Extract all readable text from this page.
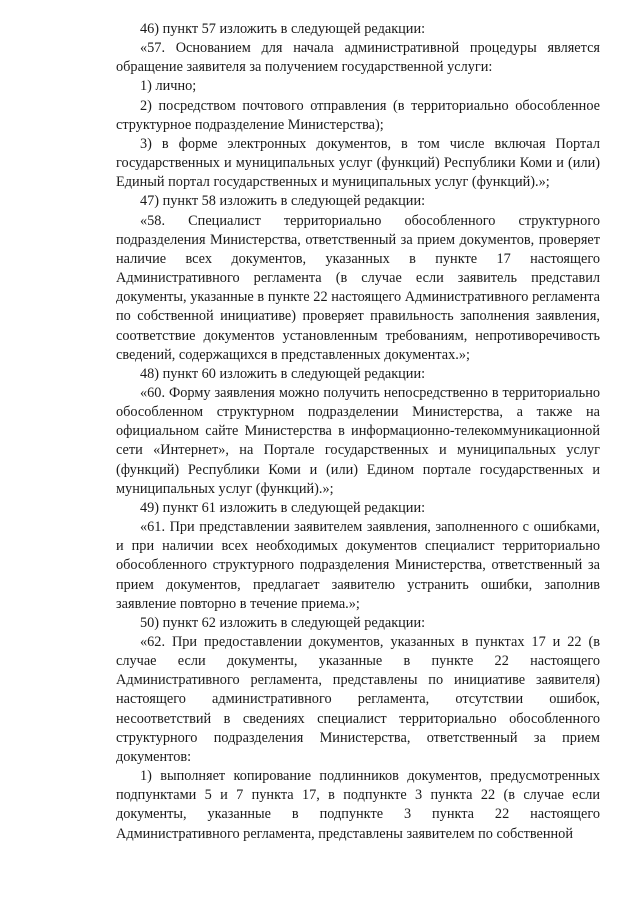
46) пункт 57 изложить в следующей редакции:

«57. Основанием для начала административной процедуры является обращение заявителя за получением государственной услуги:

1) лично;

2) посредством почтового отправления (в территориально обособленное структурное подразделение Министерства);

3) в форме электронных документов, в том числе включая Портал государственных и муниципальных услуг (функций) Республики Коми и (или) Единый портал государственных и муниципальных услуг (функций).»;

47) пункт 58 изложить в следующей редакции:

«58. Специалист территориально обособленного структурного подразделения Министерства, ответственный за прием документов, проверяет наличие всех документов, указанных в пункте 17 настоящего Административного регламента (в случае если заявитель представил документы, указанные в пункте 22 настоящего Административного регламента по собственной инициативе) проверяет правильность заполнения заявления, соответствие документов установленным требованиям, непротиворечивость сведений, содержащихся в представленных документах.»;

48) пункт 60 изложить в следующей редакции:

«60. Форму заявления можно получить непосредственно в территориально обособленном структурном подразделении Министерства, а также на официальном сайте Министерства в информационно-телекоммуникационной сети «Интернет», на Портале государственных и муниципальных услуг (функций) Республики Коми и (или) Едином портале государственных и муниципальных услуг (функций).»;

49) пункт 61 изложить в следующей редакции:

«61. При представлении заявителем заявления, заполненного с ошибками, и при наличии всех необходимых документов специалист территориально обособленного структурного подразделения Министерства, ответственный за прием документов, предлагает заявителю устранить ошибки, заполнив заявление повторно в течение приема.»;

50) пункт 62 изложить в следующей редакции:

«62. При предоставлении документов, указанных в пунктах 17 и 22 (в случае если документы, указанные в пункте 22 настоящего Административного регламента, представлены по инициативе заявителя) настоящего административного регламента, отсутствии ошибок, несоответствий в сведениях специалист территориально обособленного структурного подразделения Министерства, ответственный за прием документов:

1) выполняет копирование подлинников документов, предусмотренных подпунктами 5 и 7 пункта 17, в подпункте 3 пункта 22 (в случае если документы, указанные в подпункте 3 пункта 22 настоящего Административного регламента, представлены заявителем по собственной
